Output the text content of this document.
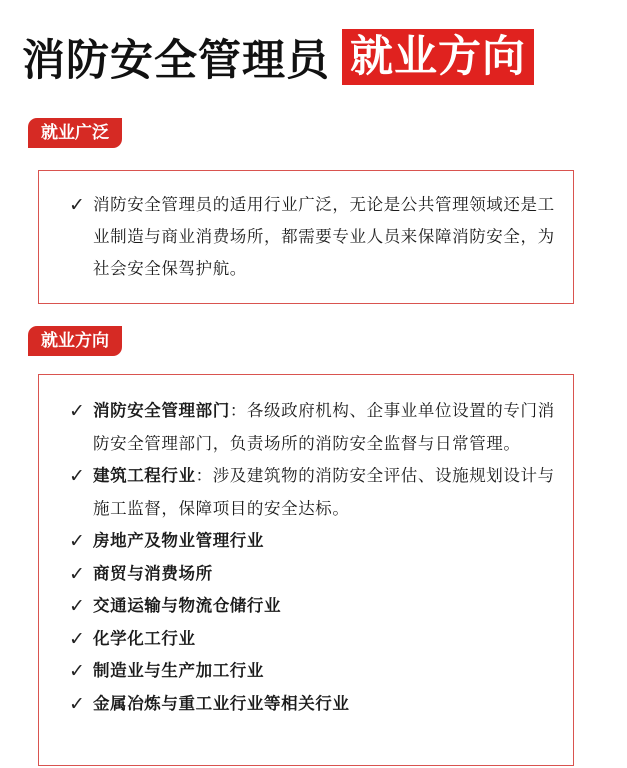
消防安全管理员 就业方向
就业广泛
✓ 消防安全管理员的适用行业广泛，无论是公共管理领域还是工业制造与商业消费场所，都需要专业人员来保障消防安全，为社会安全保驾护航。
就业方向
✓ 消防安全管理部门：各级政府机构、企事业单位设置的专门消防安全管理部门，负责场所的消防安全监督与日常管理。
✓ 建筑工程行业：涉及建筑物的消防安全评估、设施规划设计与施工监督，保障项目的安全达标。
✓ 房地产及物业管理行业
✓ 商贸与消费场所
✓ 交通运输与物流仓储行业
✓ 化学化工行业
✓ 制造业与生产加工行业
✓ 金属冶炼与重工业行业等相关行业
